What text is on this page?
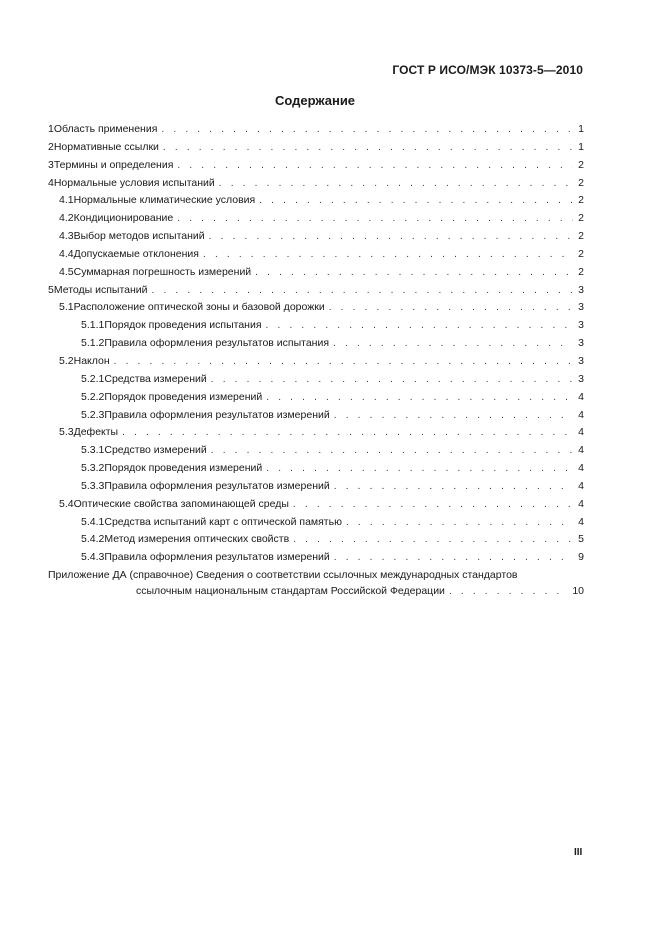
ГОСТ Р ИСО/МЭК 10373-5—2010
Содержание
1 Область применения . . .	1
2 Нормативные ссылки . . .	1
3 Термины и определения . . .	2
4 Нормальные условия испытаний . . .	2
4.1 Нормальные климатические условия . . .	2
4.2 Кондиционирование . . .	2
4.3 Выбор методов испытаний . . .	2
4.4 Допускаемые отклонения . . .	2
4.5 Суммарная погрешность измерений . . .	2
5 Методы испытаний . . .	3
5.1 Расположение оптической зоны и базовой дорожки . . .	3
5.1.1 Порядок проведения испытания . . .	3
5.1.2 Правила оформления результатов испытания . . .	3
5.2 Наклон . . .	3
5.2.1 Средства измерений . . .	3
5.2.2 Порядок проведения измерений . . .	4
5.2.3 Правила оформления результатов измерений . . .	4
5.3 Дефекты . . .	4
5.3.1 Средство измерений . . .	4
5.3.2 Порядок проведения измерений . . .	4
5.3.3 Правила оформления результатов измерений . . .	4
5.4 Оптические свойства запоминающей среды . . .	4
5.4.1 Средства испытаний карт с оптической памятью . . .	4
5.4.2 Метод измерения оптических свойств . . .	5
5.4.3 Правила оформления результатов измерений . . .	9
Приложение ДА (справочное) Сведения о соответствии ссылочных международных стандартов
ссылочным национальным стандартам Российской Федерации . . .	10
III
